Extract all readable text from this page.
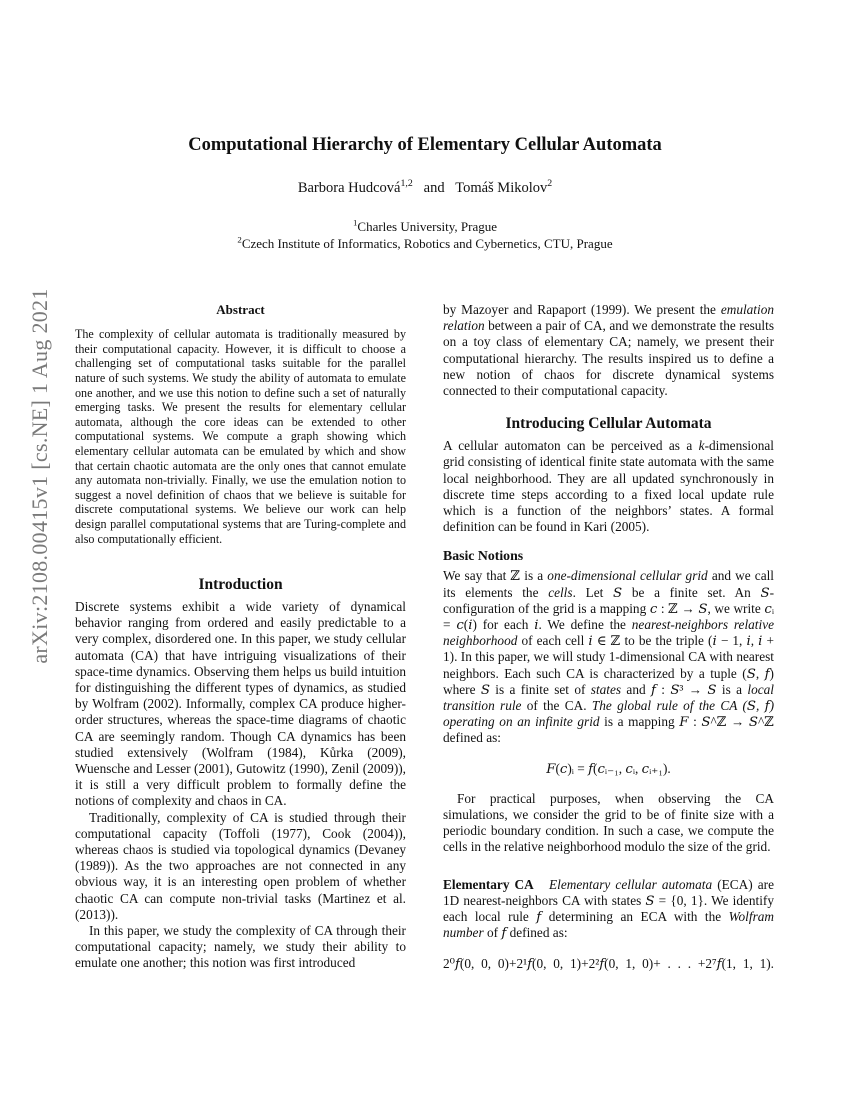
arXiv:2108.00415v1 [cs.NE] 1 Aug 2021
Computational Hierarchy of Elementary Cellular Automata
Barbora Hudcová$^{1,2}$ and Tomáš Mikolov$^2$
$^1$Charles University, Prague
$^2$Czech Institute of Informatics, Robotics and Cybernetics, CTU, Prague
Abstract

The complexity of cellular automata is traditionally measured by their computational capacity. However, it is difficult to choose a challenging set of computational tasks suitable for the parallel nature of such systems. We study the ability of automata to emulate one another, and we use this notion to define such a set of naturally emerging tasks. We present the results for elementary cellular automata, although the core ideas can be extended to other computational systems. We compute a graph showing which elementary cellular automata can be emulated by which and show that certain chaotic automata are the only ones that cannot emulate any automata non-trivially. Finally, we use the emulation notion to suggest a novel definition of chaos that we believe is suitable for discrete computational systems. We believe our work can help design parallel computational systems that are Turing-complete and also computationally efficient.

Introduction

Discrete systems exhibit a wide variety of dynamical behavior ranging from ordered and easily predictable to a very complex, disordered one. In this paper, we study cellular automata (CA) that have intriguing visualizations of their space-time dynamics. Observing them helps us build intuition for distinguishing the different types of dynamics, as studied by Wolfram (2002). Informally, complex CA produce higher-order structures, whereas the space-time diagrams of chaotic CA are seemingly random. Though CA dynamics has been studied extensively (Wolfram (1984), Kůrka (2009), Wuensche and Lesser (2001), Gutowitz (1990), Zenil (2009)), it is still a very difficult problem to formally define the notions of complexity and chaos in CA.

Traditionally, complexity of CA is studied through their computational capacity (Toffoli (1977), Cook (2004)), whereas chaos is studied via topological dynamics (Devaney (1989)). As the two approaches are not connected in any obvious way, it is an interesting open problem of whether chaotic CA can compute non-trivial tasks (Martinez et al. (2013)).

In this paper, we study the complexity of CA through their computational capacity; namely, we study their ability to emulate one another; this notion was first introduced

by Mazoyer and Rapaport (1999). We present the emulation relation between a pair of CA, and we demonstrate the results on a toy class of elementary CA; namely, we present their computational hierarchy. The results inspired us to define a new notion of chaos for discrete dynamical systems connected to their computational capacity.

Introducing Cellular Automata

A cellular automaton can be perceived as a k-dimensional grid consisting of identical finite state automata with the same local neighborhood. They are all updated synchronously in discrete time steps according to a fixed local update rule which is a function of the neighbors’ states. A formal definition can be found in Kari (2005).

Basic Notions

We say that ℤ is a one-dimensional cellular grid and we call its elements the cells. Let 𝑆 be a finite set. An 𝑆-configuration of the grid is a mapping 𝑐 : ℤ → 𝑆, we write 𝑐ᵢ = 𝑐(𝑖) for each 𝑖. We define the nearest-neighbors relative neighborhood of each cell 𝑖 ∈ ℤ to be the triple (𝑖 − 1, 𝑖, 𝑖 + 1). In this paper, we will study 1-dimensional CA with nearest neighbors. Each such CA is characterized by a tuple (𝑆, 𝑓) where 𝑆 is a finite set of states and 𝑓 : 𝑆³ → 𝑆 is a local transition rule of the CA. The global rule of the CA (𝑆, 𝑓) operating on an infinite grid is a mapping 𝐹 : 𝑆^ℤ → 𝑆^ℤ defined as:

𝐹(𝑐)ᵢ = 𝑓(𝑐ᵢ₋₁, 𝑐ᵢ, 𝑐ᵢ₊₁).

For practical purposes, when observing the CA simulations, we consider the grid to be of finite size with a periodic boundary condition. In such a case, we compute the cells in the relative neighborhood modulo the size of the grid.

Elementary CA Elementary cellular automata (ECA) are 1D nearest-neighbors CA with states 𝑆 = {0, 1}. We identify each local rule 𝑓 determining an ECA with the Wolfram number of 𝑓 defined as:

2⁰𝑓(0, 0, 0)+2¹𝑓(0, 0, 1)+2²𝑓(0, 1, 0)+ . . . +2⁷𝑓(1, 1, 1).
